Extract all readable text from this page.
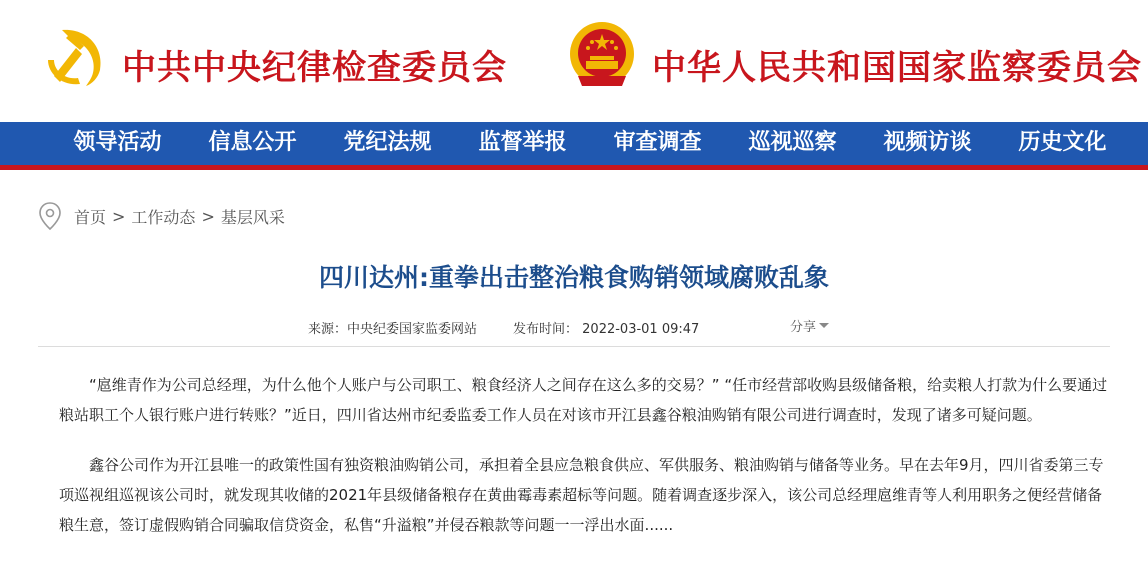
中共中央纪律检查委员会	中华人民共和国国家监察委员会
领导活动	信息公开	党纪法规	监督举报	审查调查	巡视巡察	视频访谈	历史文化
首页 > 工作动态 > 基层风采
四川达州:重拳出击整治粮食购销领域腐败乱象
来源：中央纪委国家监委网站	发布时间： 2022-03-01 09:47	分享

“扈维青作为公司总经理，为什么他个人账户与公司职工、粮食经济人之间存在这么多的交易？” “任市经营部收购县级储备粮，给卖粮人打款为什么要通过粮站职工个人银行账户进行转账？”近日，四川省达州市纪委监委工作人员在对该市开江县鑫谷粮油购销有限公司进行调查时，发现了诸多可疑问题。

鑫谷公司作为开江县唯一的政策性国有独资粮油购销公司，承担着全县应急粮食供应、军供服务、粮油购销与储备等业务。早在去年9月，四川省委第三专项巡视组巡视该公司时，就发现其收储的2021年县级储备粮存在黄曲霉毒素超标等问题。随着调查逐步深入，该公司总经理扈维青等人利用职务之便经营储备粮生意，签订虚假购销合同骗取信贷资金，私售“升溢粮”并侵吞粮款等问题一一浮出水面......
